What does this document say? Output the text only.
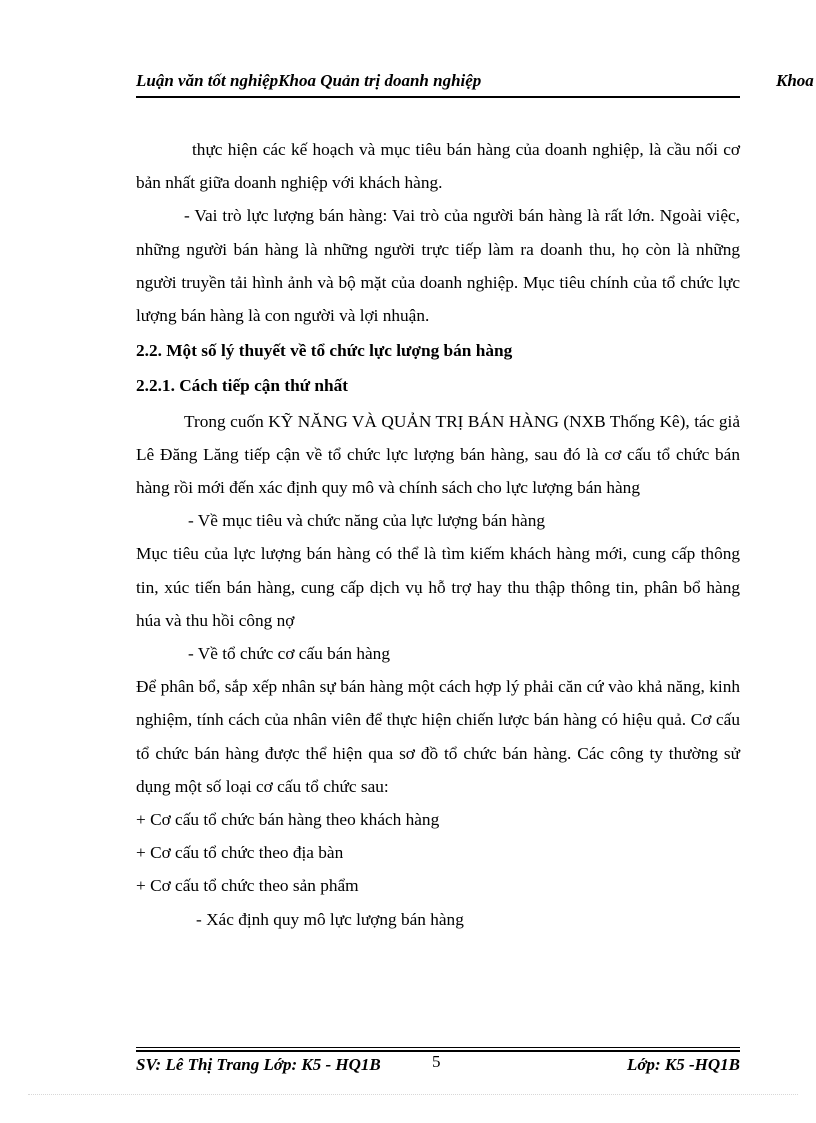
Luận văn tốt nghiệpKhoa Quản trị doanh nghiệp	Khoa

thực hiện các kế hoạch và mục tiêu bán hàng của doanh nghiệp, là cầu nối cơ bản nhất giữa doanh nghiệp với khách hàng.

- Vai trò lực lượng bán hàng: Vai trò của người bán hàng là rất lớn. Ngoài việc, những người bán hàng là những người trực tiếp làm ra doanh thu, họ còn là những người truyền tải hình ảnh và bộ mặt của doanh nghiệp. Mục tiêu chính của tổ chức lực lượng bán hàng là con người và lợi nhuận.

2.2. Một số lý thuyết về tổ chức lực lượng bán hàng

2.2.1. Cách tiếp cận thứ nhất

Trong cuốn KỸ NĂNG VÀ QUẢN TRỊ BÁN HÀNG (NXB Thống Kê), tác giả Lê Đăng Lăng tiếp cận về tổ chức lực lượng bán hàng, sau đó là cơ cấu tổ chức bán hàng rồi mới đến xác định quy mô và chính sách cho lực lượng bán hàng

- Về mục tiêu và chức năng của lực lượng bán hàng

Mục tiêu của lực lượng bán hàng có thể là tìm kiếm khách hàng mới, cung cấp thông tin, xúc tiến bán hàng, cung cấp dịch vụ hỗ trợ hay thu thập thông tin, phân bổ hàng húa và thu hồi công nợ

- Về tổ chức cơ cấu bán hàng

Để phân bổ, sắp xếp nhân sự bán hàng một cách hợp lý phải căn cứ vào khả năng, kinh nghiệm, tính cách của nhân viên để thực hiện chiến lược bán hàng có hiệu quả. Cơ cấu tổ chức bán hàng được thể hiện qua sơ đồ tổ chức bán hàng. Các công ty thường sử dụng một số loại cơ cấu tổ chức sau:

+ Cơ cấu tổ chức bán hàng theo khách hàng

+ Cơ cấu tổ chức theo địa bàn

+ Cơ cấu tổ chức theo sản phẩm

- Xác định quy mô lực lượng bán hàng

SV: Lê Thị Trang Lớp: K5 - HQ1B	5	Lớp: K5 -HQ1B
